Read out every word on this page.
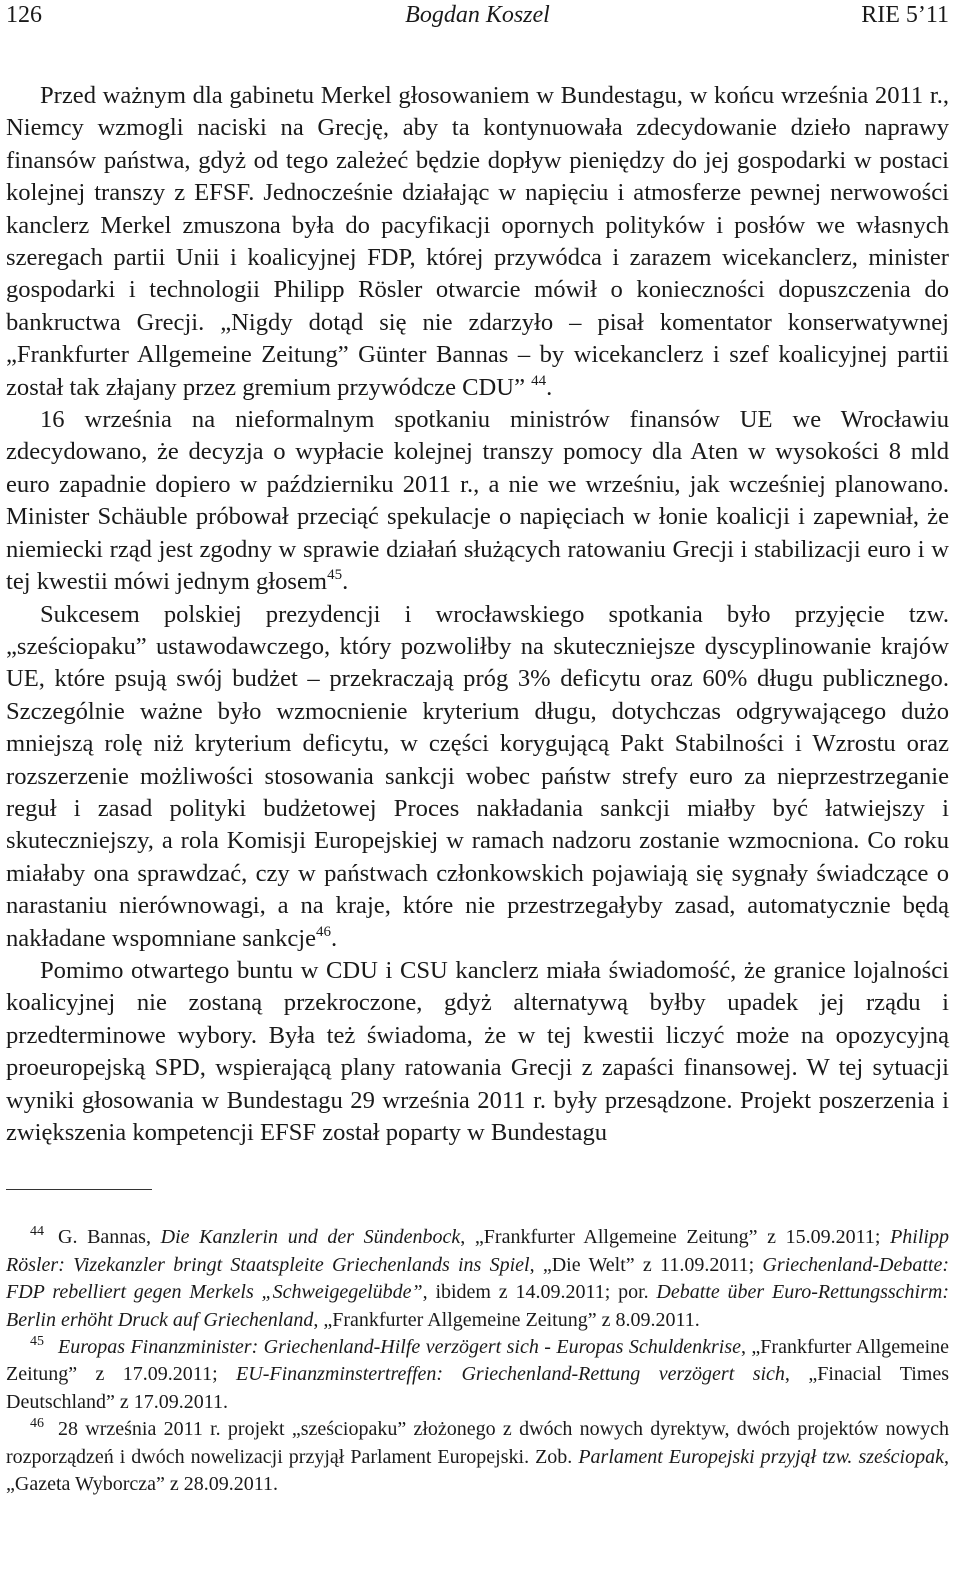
126	Bogdan Koszel	RIE 5’11

Przed ważnym dla gabinetu Merkel głosowaniem w Bundestagu, w końcu września 2011 r., Niemcy wzmogli naciski na Grecję, aby ta kontynuowała zdecydowanie dzieło naprawy finansów państwa, gdyż od tego zależeć będzie dopływ pieniędzy do jej gospodarki w postaci kolejnej transzy z EFSF. Jednocześnie działając w napięciu i atmosferze pewnej nerwowości kanclerz Merkel zmuszona była do pacyfikacji opornych polityków i posłów we własnych szeregach partii Unii i koalicyjnej FDP, której przywódca i zarazem wicekanclerz, minister gospodarki i technologii Philipp Rösler otwarcie mówił o konieczności dopuszczenia do bankructwa Grecji. „Nigdy dotąd się nie zdarzyło – pisał komentator konserwatywnej „Frankfurter Allgemeine Zeitung” Günter Bannas – by wicekanclerz i szef koalicyjnej partii został tak złajany przez gremium przywódcze CDU” $^{44}$.

16 września na nieformalnym spotkaniu ministrów finansów UE we Wrocławiu zdecydowano, że decyzja o wypłacie kolejnej transzy pomocy dla Aten w wysokości 8 mld euro zapadnie dopiero w październiku 2011 r., a nie we wrześniu, jak wcześniej planowano. Minister Schäuble próbował przeciąć spekulacje o napięciach w łonie koalicji i zapewniał, że niemiecki rząd jest zgodny w sprawie działań służących ratowaniu Grecji i stabilizacji euro i w tej kwestii mówi jednym głosem$^{45}$.

Sukcesem polskiej prezydencji i wrocławskiego spotkania było przyjęcie tzw. „sześciopaku” ustawodawczego, który pozwoliłby na skuteczniejsze dyscyplinowanie krajów UE, które psują swój budżet – przekraczają próg 3% deficytu oraz 60% długu publicznego. Szczególnie ważne było wzmocnienie kryterium długu, dotychczas odgrywającego dużo mniejszą rolę niż kryterium deficytu, w części korygującą Pakt Stabilności i Wzrostu oraz rozszerzenie możliwości stosowania sankcji wobec państw strefy euro za nieprzestrzeganie reguł i zasad polityki budżetowej Proces nakładania sankcji miałby być łatwiejszy i skuteczniejszy, a rola Komisji Europejskiej w ramach nadzoru zostanie wzmocniona. Co roku miałaby ona sprawdzać, czy w państwach członkowskich pojawiają się sygnały świadczące o narastaniu nierównowagi, a na kraje, które nie przestrzegałyby zasad, automatycznie będą nakładane wspomniane sankcje$^{46}$.

Pomimo otwartego buntu w CDU i CSU kanclerz miała świadomość, że granice lojalności koalicyjnej nie zostaną przekroczone, gdyż alternatywą byłby upadek jej rządu i przedterminowe wybory. Była też świadoma, że w tej kwestii liczyć może na opozycyjną proeuropejską SPD, wspierającą plany ratowania Grecji z zapaści finansowej. W tej sytuacji wyniki głosowania w Bundestagu 29 września 2011 r. były przesądzone. Projekt poszerzenia i zwiększenia kompetencji EFSF został poparty w Bundestagu

$^{44}$ G. Bannas, Die Kanzlerin und der Sündenbock, „Frankfurter Allgemeine Zeitung” z 15.09.2011; Philipp Rösler: Vizekanzler bringt Staatspleite Griechenlands ins Spiel, „Die Welt” z 11.09.2011; Griechenland-Debatte: FDP rebelliert gegen Merkels „Schweigegelübde”, ibidem z 14.09.2011; por. Debatte über Euro-Rettungsschirm: Berlin erhöht Druck auf Griechenland, „Frankfurter Allgemeine Zeitung” z 8.09.2011.

$^{45}$ Europas Finanzminister: Griechenland-Hilfe verzögert sich - Europas Schuldenkrise, „Frankfurter Allgemeine Zeitung” z 17.09.2011; EU-Finanzminstertreffen: Griechenland-Rettung verzögert sich, „Finacial Times Deutschland” z 17.09.2011.

$^{46}$ 28 września 2011 r. projekt „sześciopaku” złożonego z dwóch nowych dyrektyw, dwóch projektów nowych rozporządzeń i dwóch nowelizacji przyjął Parlament Europejski. Zob. Parlament Europejski przyjął tzw. sześciopak, „Gazeta Wyborcza” z 28.09.2011.
